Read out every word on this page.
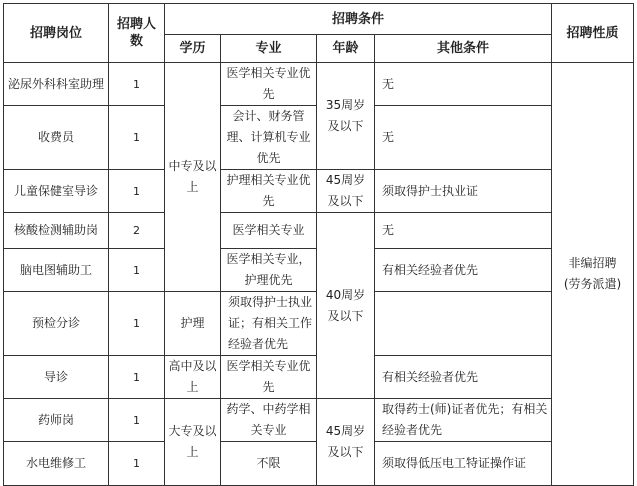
招聘岗位	招聘人数	招聘条件				招聘性质
		学历	专业	年龄	其他条件	
泌尿外科科室助理	1	中专及以上	医学相关专业优先	35周岁及以下	无	非编招聘
(劳务派遣)

收费员	1		会计、财务管理、计算机专业优先		无	
儿童保健室导诊	1		护理相关专业优先	45周岁及以下	须取得护士执业证	
核酸检测辅助岗	2		医学相关专业	40周岁及以下	无	
脑电图辅助工	1		医学相关专业，护理优先		有相关经验者优先	
预检分诊	1	护理	须取得护士执业证；有相关工作经验者优先			
导诊	1	高中及以上	医学相关专业优先		有相关经验者优先	
药师岗	1	大专及以上	药学、中药学相关专业	45周岁及以下	取得药士(师)证者优先；有相关经验者优先	
水电维修工	1		不限		须取得低压电工特证操作证	
